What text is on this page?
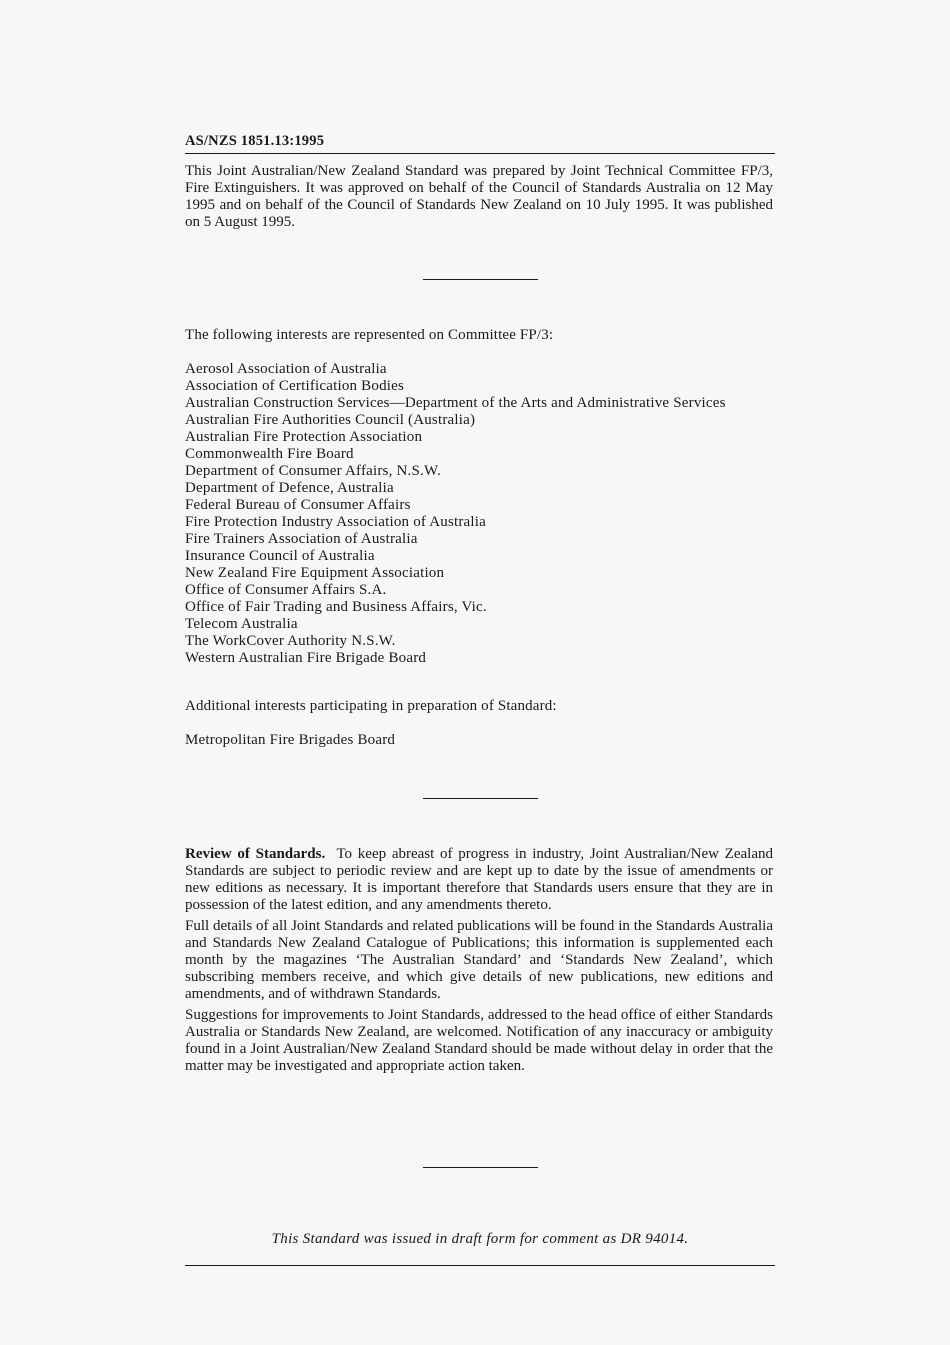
AS/NZS 1851.13:1995

This Joint Australian/New Zealand Standard was prepared by Joint Technical Committee FP/3, Fire Extinguishers. It was approved on behalf of the Council of Standards Australia on 12 May 1995 and on behalf of the Council of Standards New Zealand on 10 July 1995. It was published on 5 August 1995.

The following interests are represented on Committee FP/3:

Aerosol Association of Australia
Association of Certification Bodies
Australian Construction Services—Department of the Arts and Administrative Services
Australian Fire Authorities Council (Australia)
Australian Fire Protection Association
Commonwealth Fire Board
Department of Consumer Affairs, N.S.W.
Department of Defence, Australia
Federal Bureau of Consumer Affairs
Fire Protection Industry Association of Australia
Fire Trainers Association of Australia
Insurance Council of Australia
New Zealand Fire Equipment Association
Office of Consumer Affairs S.A.
Office of Fair Trading and Business Affairs, Vic.
Telecom Australia
The WorkCover Authority N.S.W.
Western Australian Fire Brigade Board

Additional interests participating in preparation of Standard:

Metropolitan Fire Brigades Board

Review of Standards. To keep abreast of progress in industry, Joint Australian/New Zealand Standards are subject to periodic review and are kept up to date by the issue of amendments or new editions as necessary. It is important therefore that Standards users ensure that they are in possession of the latest edition, and any amendments thereto.

Full details of all Joint Standards and related publications will be found in the Standards Australia and Standards New Zealand Catalogue of Publications; this information is supplemented each month by the magazines ‘The Australian Standard’ and ‘Standards New Zealand’, which subscribing members receive, and which give details of new publications, new editions and amendments, and of withdrawn Standards.

Suggestions for improvements to Joint Standards, addressed to the head office of either Standards Australia or Standards New Zealand, are welcomed. Notification of any inaccuracy or ambiguity found in a Joint Australian/New Zealand Standard should be made without delay in order that the matter may be investigated and appropriate action taken.

This Standard was issued in draft form for comment as DR 94014.
